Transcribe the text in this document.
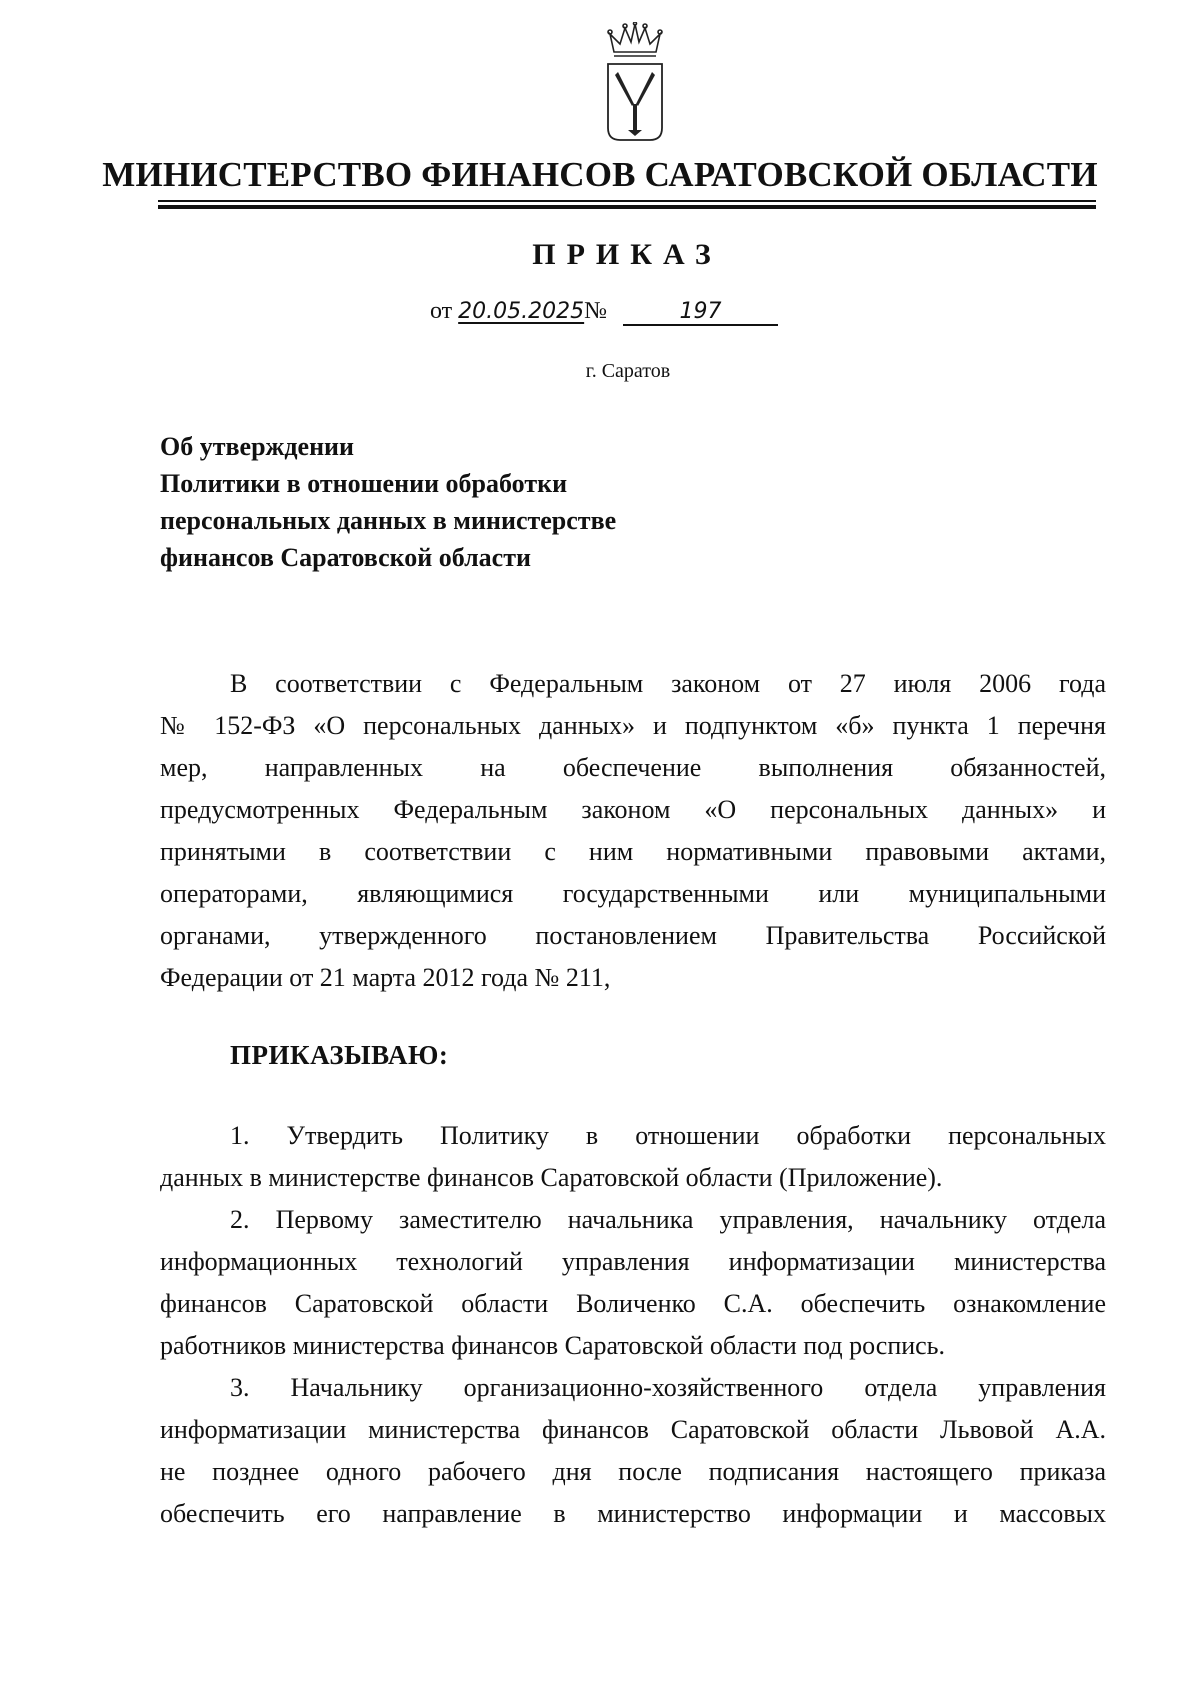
МИНИСТЕРСТВО ФИНАНСОВ САРАТОВСКОЙ ОБЛАСТИ
ПРИКАЗ
от 20.05.2025№	197
г. Саратов
Об утверждении
Политики в отношении обработки
персональных данных в министерстве
финансов Саратовской области
В соответствии с Федеральным законом от 27 июля 2006 года
№ 152-ФЗ «О персональных данных» и подпунктом «б» пункта 1 перечня
мер, направленных на обеспечение выполнения обязанностей,
предусмотренных Федеральным законом «О персональных данных» и
принятыми в соответствии с ним нормативными правовыми актами,
операторами, являющимися государственными или муниципальными
органами, утвержденного постановлением Правительства Российской
Федерации от 21 марта 2012 года № 211,
ПРИКАЗЫВАЮ:
1. Утвердить Политику в отношении обработки персональных
данных в министерстве финансов Саратовской области (Приложение).
2. Первому заместителю начальника управления, начальнику отдела
информационных технологий управления информатизации министерства
финансов Саратовской области Воличенко С.А. обеспечить ознакомление
работников министерства финансов Саратовской области под роспись.
3. Начальнику организационно-хозяйственного отдела управления
информатизации министерства финансов Саратовской области Львовой А.А.
не позднее одного рабочего дня после подписания настоящего приказа
обеспечить его направление в министерство информации и массовых
